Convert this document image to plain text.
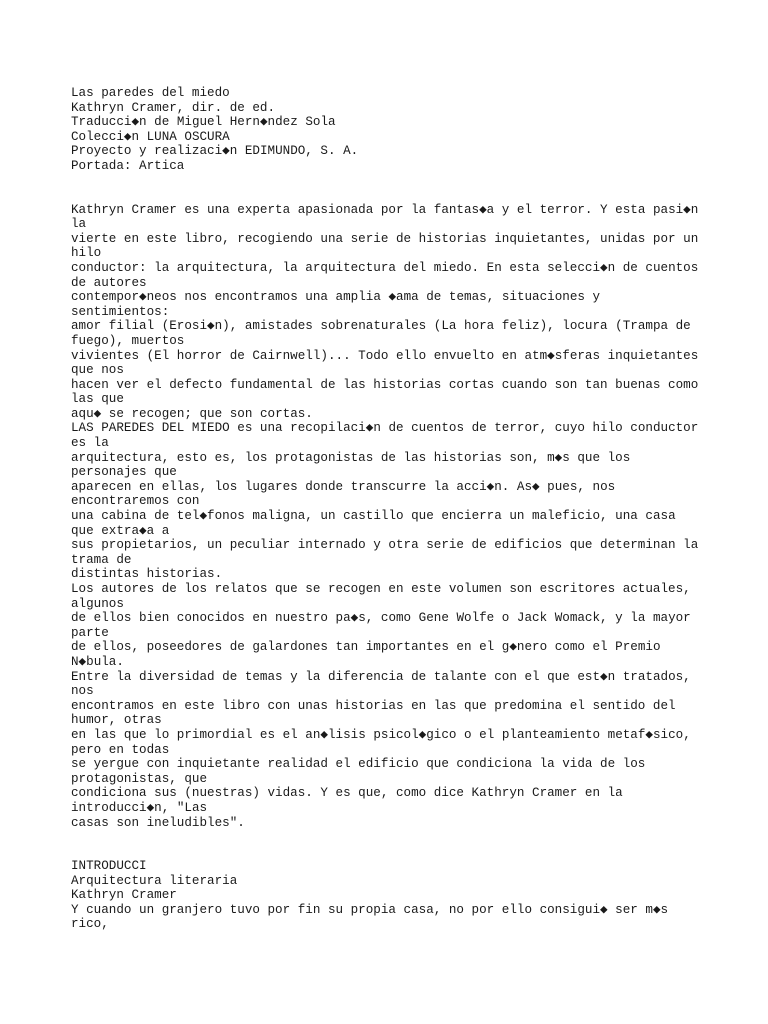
Las paredes del miedo
Kathryn Cramer, dir. de ed.
Traducci◆n de Miguel Hern◆ndez Sola
Colecci◆n LUNA OSCURA
Proyecto y realizaci◆n EDIMUNDO, S. A.
Portada: Artica
Kathryn Cramer es una experta apasionada por la fantas◆a y el terror. Y esta pasi◆n
la
vierte en este libro, recogiendo una serie de historias inquietantes, unidas por un
hilo
conductor: la arquitectura, la arquitectura del miedo. En esta selecci◆n de cuentos
de autores
contempor◆neos nos encontramos una amplia ◆ama de temas, situaciones y
sentimientos:
amor filial (Erosi◆n), amistades sobrenaturales (La hora feliz), locura (Trampa de
fuego), muertos
vivientes (El horror de Cairnwell)... Todo ello envuelto en atm◆sferas inquietantes
que nos
hacen ver el defecto fundamental de las historias cortas cuando son tan buenas como
las que
aqu◆ se recogen; que son cortas.
LAS PAREDES DEL MIEDO es una recopilaci◆n de cuentos de terror, cuyo hilo conductor
es la
arquitectura, esto es, los protagonistas de las historias son, m◆s que los
personajes que
aparecen en ellas, los lugares donde transcurre la acci◆n. As◆ pues, nos
encontraremos con
una cabina de tel◆fonos maligna, un castillo que encierra un maleficio, una casa
que extra◆a a
sus propietarios, un peculiar internado y otra serie de edificios que determinan la
trama de
distintas historias.
Los autores de los relatos que se recogen en este volumen son escritores actuales,
algunos
de ellos bien conocidos en nuestro pa◆s, como Gene Wolfe o Jack Womack, y la mayor
parte
de ellos, poseedores de galardones tan importantes en el g◆nero como el Premio
N◆bula.
Entre la diversidad de temas y la diferencia de talante con el que est◆n tratados,
nos
encontramos en este libro con unas historias en las que predomina el sentido del
humor, otras
en las que lo primordial es el an◆lisis psicol◆gico o el planteamiento metaf◆sico,
pero en todas
se yergue con inquietante realidad el edificio que condiciona la vida de los
protagonistas, que
condiciona sus (nuestras) vidas. Y es que, como dice Kathryn Cramer en la
introducci◆n, "Las
casas son ineludibles".
INTRODUCCI
Arquitectura literaria
Kathryn Cramer
Y cuando un granjero tuvo por fin su propia casa, no por ello consigui◆ ser m◆s
rico,
